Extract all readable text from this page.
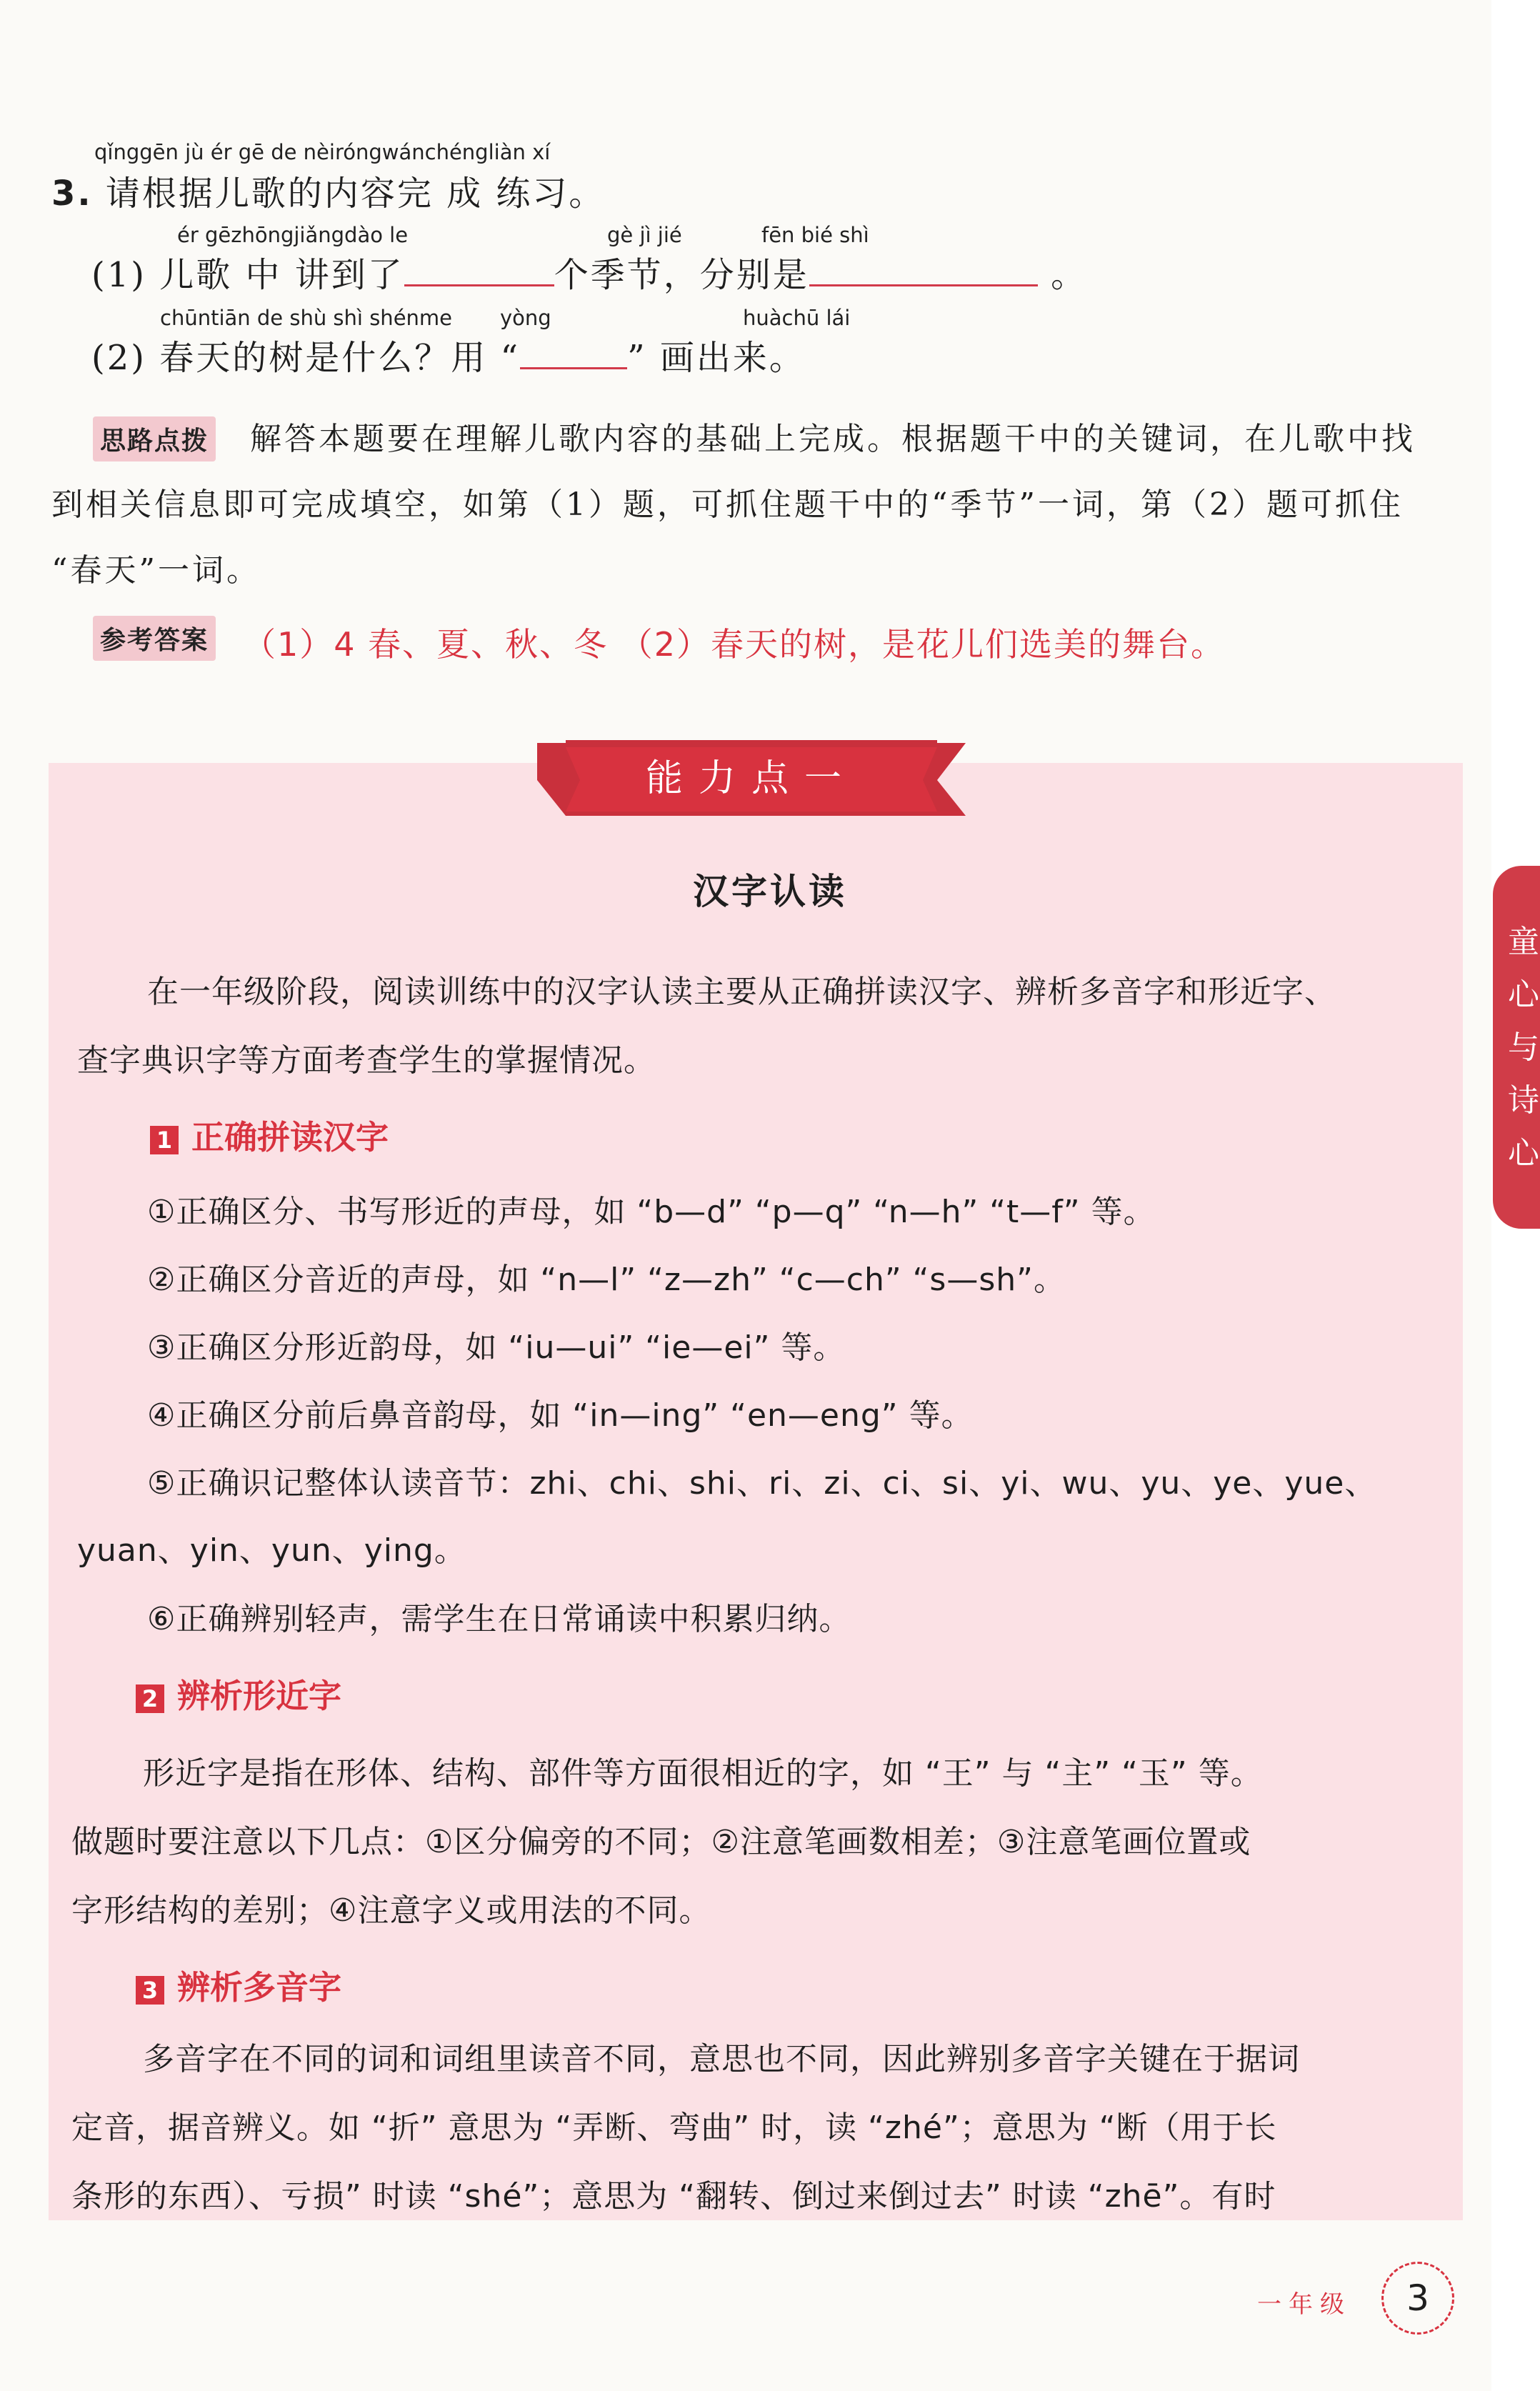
qǐnggēn jù ér gē de nèiróngwánchéngliàn xí
3. 请根据儿歌的内容完 成 练习。
ér gēzhōngjiǎngdào le	gè jì jié	fēn bié shì
(1) 儿歌 中 讲到了	个季节，分别是	。
chūntiān de shù shì shénme yòng	huàchū lái
(2) 春天的树是什么？用 “	” 画出来。
思路点拨 解答本题要在理解儿歌内容的基础上完成。根据题干中的关键词，在儿歌中找
到相关信息即可完成填空，如第（1）题，可抓住题干中的“季节”一词，第（2）题可抓住
“春天”一词。
参考答案 （1）4 春、夏、秋、冬 （2）春天的树，是花儿们选美的舞台。
能力点一
汉字认读
在一年级阶段，阅读训练中的汉字认读主要从正确拼读汉字、辨析多音字和形近字、
查字典识字等方面考查学生的掌握情况。
1 正确拼读汉字
①正确区分、书写形近的声母，如 “b—d” “p—q” “n—h” “t—f” 等。
②正确区分音近的声母，如 “n—l” “z—zh” “c—ch” “s—sh”。
③正确区分形近韵母，如 “iu—ui” “ie—ei” 等。
④正确区分前后鼻音韵母，如 “in—ing” “en—eng” 等。
⑤正确识记整体认读音节：zhi、chi、shi、ri、zi、ci、si、yi、wu、yu、ye、yue、
yuan、yin、yun、ying。
⑥正确辨别轻声，需学生在日常诵读中积累归纳。
2 辨析形近字
形近字是指在形体、结构、部件等方面很相近的字，如 “王” 与 “主” “玉” 等。
做题时要注意以下几点：①区分偏旁的不同；②注意笔画数相差；③注意笔画位置或
字形结构的差别；④注意字义或用法的不同。
3 辨析多音字
多音字在不同的词和词组里读音不同，意思也不同，因此辨别多音字关键在于据词
定音，据音辨义。如 “折” 意思为 “弄断、弯曲” 时，读 “zhé”；意思为 “断（用于长
条形的东西）、亏损” 时读 “shé”；意思为 “翻转、倒过来倒过去” 时读 “zhē”。有时
童
心
与
诗
心
一年级	3
